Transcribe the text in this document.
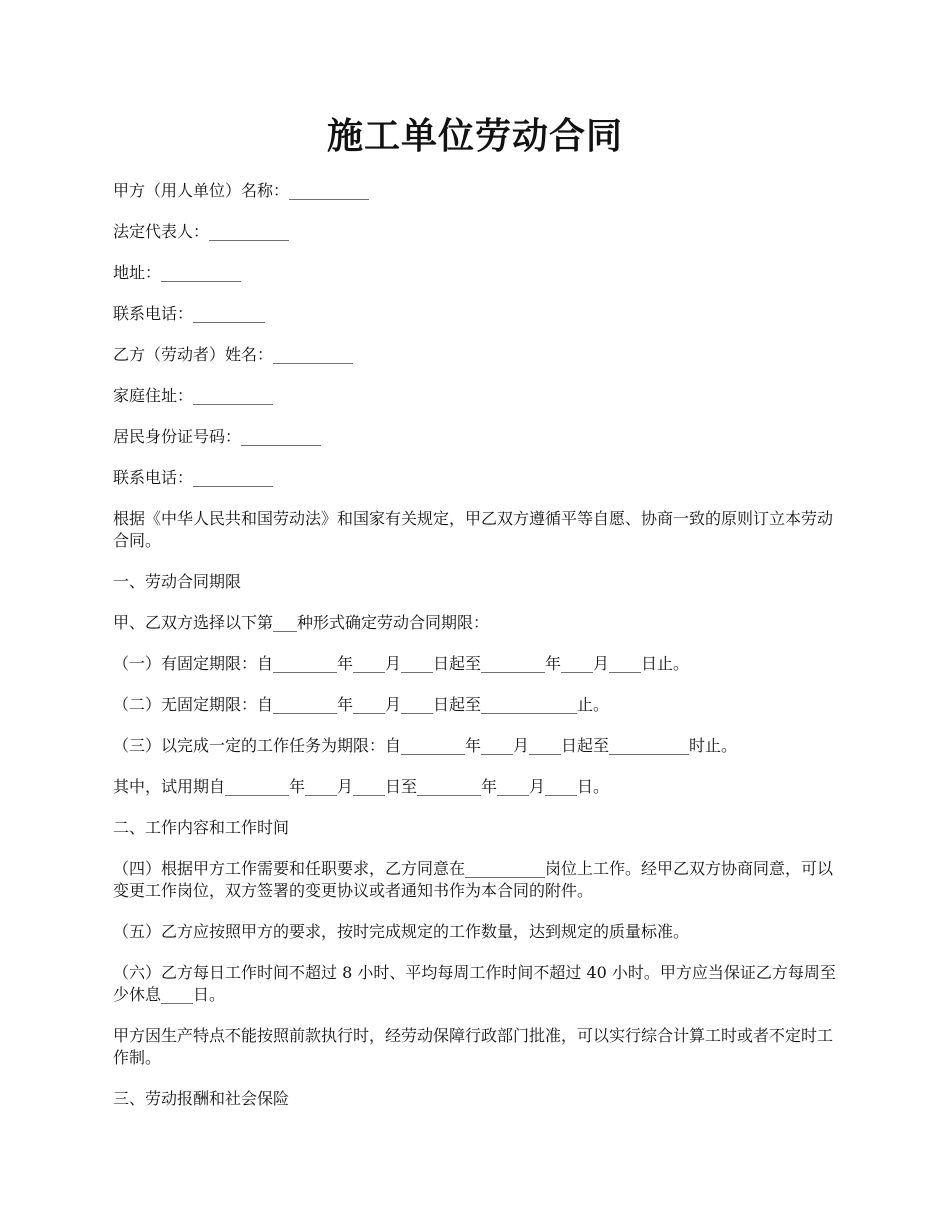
施工单位劳动合同

甲方（用人单位）名称：__________

法定代表人：__________

地址：__________

联系电话：_________

乙方（劳动者）姓名：__________

家庭住址：__________

居民身份证号码：__________

联系电话：__________

根据《中华人民共和国劳动法》和国家有关规定，甲乙双方遵循平等自愿、协商一致的原则订立本劳动合同。

一、劳动合同期限

甲、乙双方选择以下第___种形式确定劳动合同期限：

（一）有固定期限：自________年____月____日起至________年____月____日止。

（二）无固定期限：自________年____月____日起至____________止。

（三）以完成一定的工作任务为期限：自________年____月____日起至__________时止。

其中，试用期自________年____月____日至________年____月____日。

二、工作内容和工作时间

（四）根据甲方工作需要和任职要求，乙方同意在__________岗位上工作。经甲乙双方协商同意，可以变更工作岗位，双方签署的变更协议或者通知书作为本合同的附件。

（五）乙方应按照甲方的要求，按时完成规定的工作数量，达到规定的质量标准。

（六）乙方每日工作时间不超过 8 小时、平均每周工作时间不超过 40 小时。甲方应当保证乙方每周至少休息____日。

甲方因生产特点不能按照前款执行时，经劳动保障行政部门批准，可以实行综合计算工时或者不定时工作制。

三、劳动报酬和社会保险
